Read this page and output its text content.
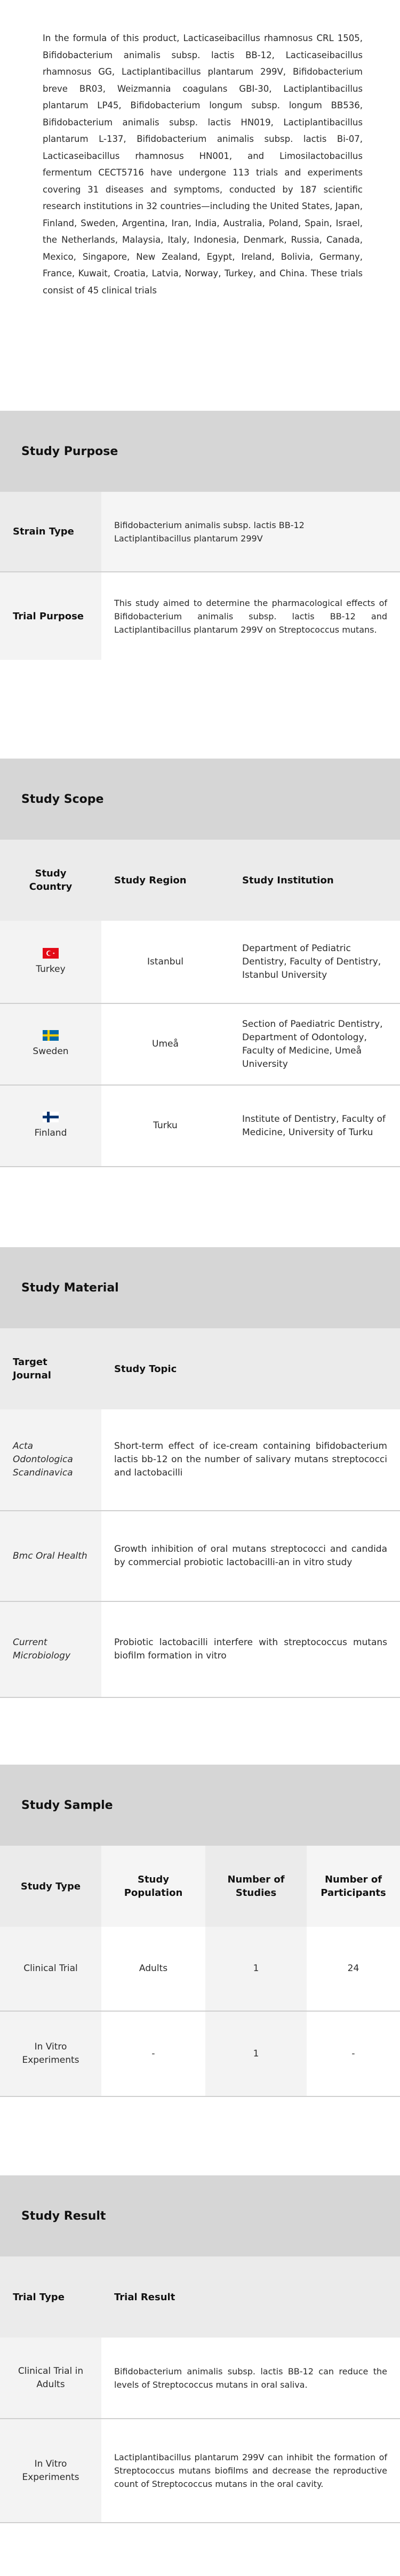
In the formula of this product, Lacticaseibacillus rhamnosus CRL 1505, Bifidobacterium animalis subsp. lactis BB-12, Lacticaseibacillus rhamnosus GG, Lactiplantibacillus plantarum 299V, Bifidobacterium breve BR03, Weizmannia coagulans GBI-30, Lactiplantibacillus plantarum LP45, Bifidobacterium longum subsp. longum BB536, Bifidobacterium animalis subsp. lactis HN019, Lactiplantibacillus plantarum L-137, Bifidobacterium animalis subsp. lactis Bi-07, Lacticaseibacillus rhamnosus HN001, and Limosilactobacillus fermentum CECT5716 have undergone 113 trials and experiments covering 31 diseases and symptoms, conducted by 187 scientific research institutions in 32 countries—including the United States, Japan, Finland, Sweden, Argentina, Iran, India, Australia, Poland, Spain, Israel, the Netherlands, Malaysia, Italy, Indonesia, Denmark, Russia, Canada, Mexico, Singapore, New Zealand, Egypt, Ireland, Bolivia, Germany, France, Kuwait, Croatia, Latvia, Norway, Turkey, and China. These trials consist of 45 clinical trials

Study Purpose
Strain Type	Bifidobacterium animalis subsp. lactis BB-12
Lactiplantibacillus plantarum 299V
Trial Purpose	This study aimed to determine the pharmacological effects of Bifidobacterium animalis subsp. lactis BB-12 and Lactiplantibacillus plantarum 299V on Streptococcus mutans.
Study Scope
Study Country	Study Region	Study Institution

Turkey	Istanbul	Department of Pediatric Dentistry, Faculty of Dentistry, Istanbul University

Sweden	Umeå	Section of Paediatric Dentistry, Department of Odontology, Faculty of Medicine, Umeå University

Finland	Turku	Institute of Dentistry, Faculty of Medicine, University of Turku
Study Material
Target Journal	Study Topic
Acta Odontologica Scandinavica	Short-term effect of ice-cream containing bifidobacterium lactis bb-12 on the number of salivary mutans streptococci and lactobacilli
Bmc Oral Health	Growth inhibition of oral mutans streptococci and candida by commercial probiotic lactobacilli-an in vitro study
Current Microbiology	Probiotic lactobacilli interfere with streptococcus mutans biofilm formation in vitro
Study Sample
Study Type	Study Population	Number of Studies	Number of Participants
Clinical Trial	Adults	1	24
In Vitro Experiments	-	1	-
Study Result
Trial Type	Trial Result
Clinical Trial in Adults	Bifidobacterium animalis subsp. lactis BB-12 can reduce the levels of Streptococcus mutans in oral saliva.
In Vitro Experiments	Lactiplantibacillus plantarum 299V can inhibit the formation of Streptococcus mutans biofilms and decrease the reproductive count of Streptococcus mutans in the oral cavity.
